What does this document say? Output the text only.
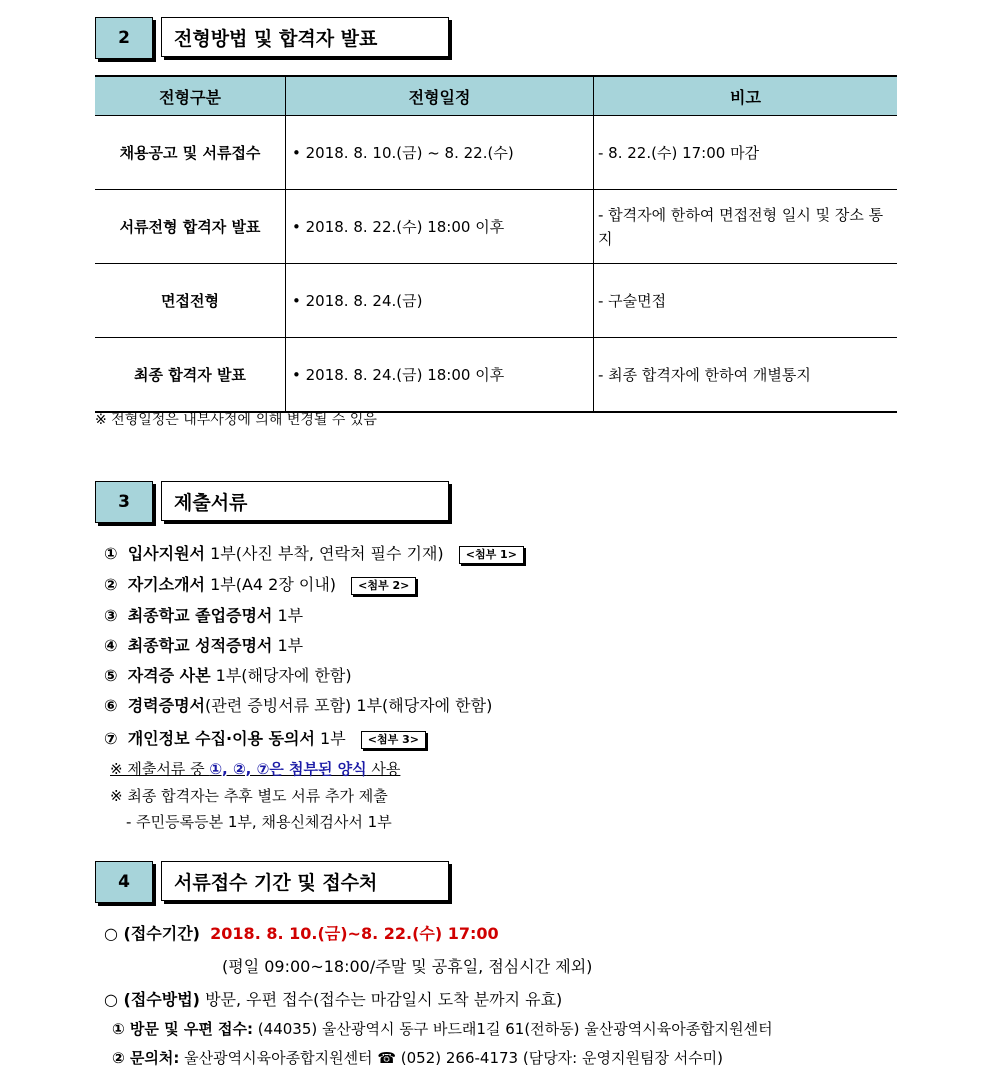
2	전형방법 및 합격자 발표
전형구분	전형일정	비고
채용공고 및 서류접수	• 2018. 8. 10.(금) ~ 8. 22.(수)	- 8. 22.(수) 17:00 마감
서류전형 합격자 발표	• 2018. 8. 22.(수) 18:00 이후	- 합격자에 한하여 면접전형 일시 및 장소 통지
면접전형	• 2018. 8. 24.(금)	- 구술면접
최종 합격자 발표	• 2018. 8. 24.(금) 18:00 이후	- 최종 합격자에 한하여 개별통지
※ 전형일정은 내부사정에 의해 변경될 수 있음
3	제출서류
① 입사지원서 1부(사진 부착, 연락처 필수 기재) <첨부 1>
② 자기소개서 1부(A4 2장 이내) <첨부 2>
③ 최종학교 졸업증명서 1부
④ 최종학교 성적증명서 1부
⑤ 자격증 사본 1부(해당자에 한함)
⑥ 경력증명서(관련 증빙서류 포함) 1부(해당자에 한함)
⑦ 개인정보 수집·이용 동의서 1부 <첨부 3>
※ 제출서류 중 ①, ②, ⑦은 첨부된 양식 사용
※ 최종 합격자는 추후 별도 서류 추가 제출
- 주민등록등본 1부, 채용신체검사서 1부
4	서류접수 기간 및 접수처
○ (접수기간) 2018. 8. 10.(금)~8. 22.(수) 17:00
(평일 09:00~18:00/주말 및 공휴일, 점심시간 제외)
○ (접수방법) 방문, 우편 접수(접수는 마감일시 도착 분까지 유효)
① 방문 및 우편 접수: (44035) 울산광역시 동구 바드래1길 61(전하동) 울산광역시육아종합지원센터
② 문의처: 울산광역시육아종합지원센터 ☎ (052) 266-4173 (담당자: 운영지원팀장 서수미)
